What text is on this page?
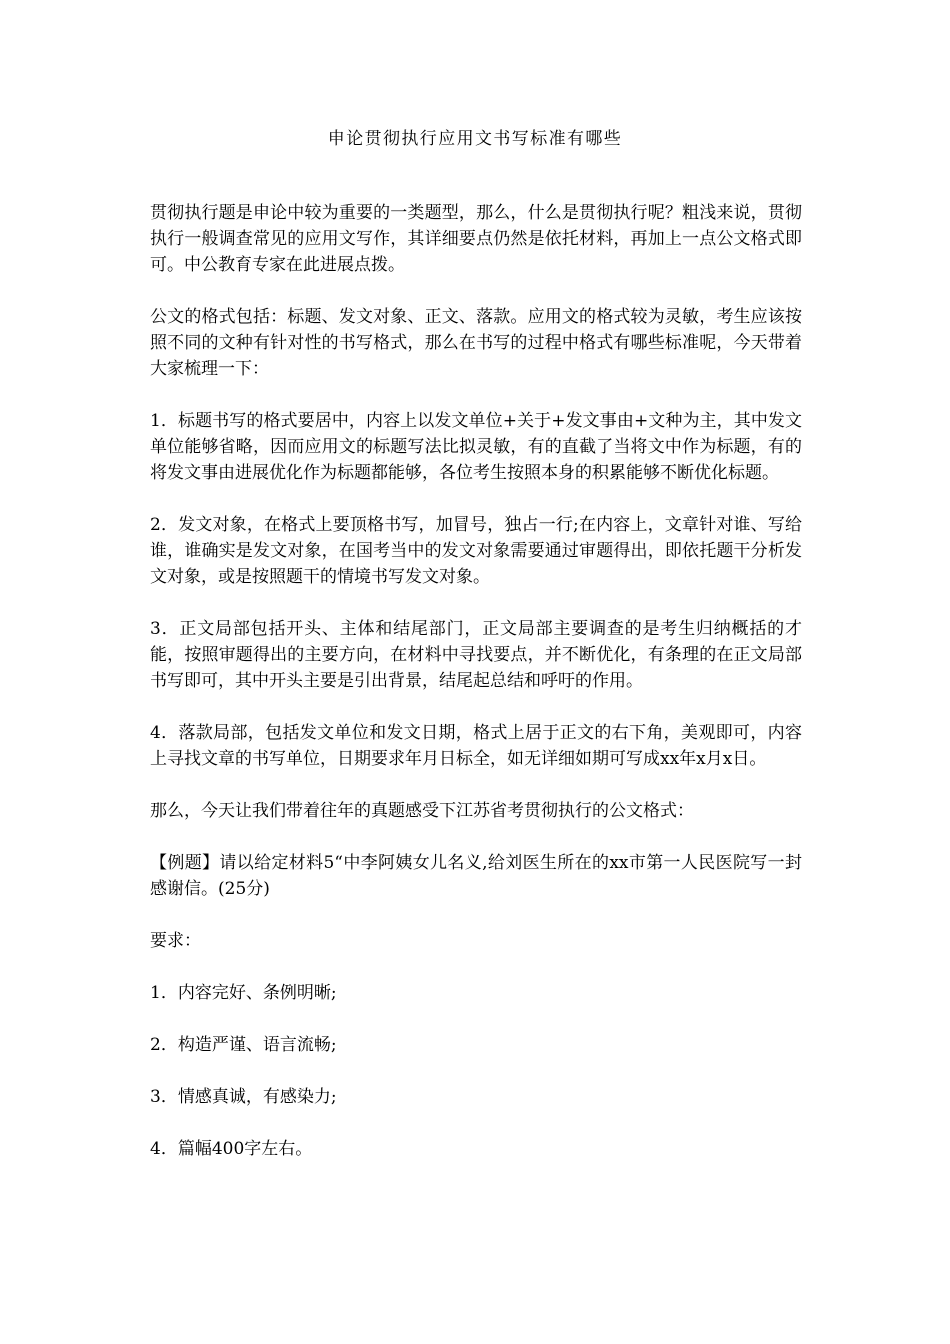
申论贯彻执行应用文书写标准有哪些

贯彻执行题是申论中较为重要的一类题型，那么，什么是贯彻执行呢？粗浅来说，贯彻执行一般调查常见的应用文写作，其详细要点仍然是依托材料，再加上一点公文格式即可。中公教育专家在此进展点拨。

公文的格式包括：标题、发文对象、正文、落款。应用文的格式较为灵敏，考生应该按照不同的文种有针对性的书写格式，那么在书写的过程中格式有哪些标准呢，今天带着大家梳理一下：

1．标题书写的格式要居中，内容上以发文单位+关于+发文事由+文种为主，其中发文单位能够省略，因而应用文的标题写法比拟灵敏，有的直截了当将文中作为标题，有的将发文事由进展优化作为标题都能够，各位考生按照本身的积累能够不断优化标题。

2．发文对象，在格式上要顶格书写，加冒号，独占一行;在内容上，文章针对谁、写给谁，谁确实是发文对象，在国考当中的发文对象需要通过审题得出，即依托题干分析发文对象，或是按照题干的情境书写发文对象。

3．正文局部包括开头、主体和结尾部门，正文局部主要调查的是考生归纳概括的才能，按照审题得出的主要方向，在材料中寻找要点，并不断优化，有条理的在正文局部书写即可，其中开头主要是引出背景，结尾起总结和呼吁的作用。

4．落款局部，包括发文单位和发文日期，格式上居于正文的右下角，美观即可，内容上寻找文章的书写单位，日期要求年月日标全，如无详细如期可写成xx年x月x日。

那么，今天让我们带着往年的真题感受下江苏省考贯彻执行的公文格式：

【例题】请以给定材料5“中李阿姨女儿名义,给刘医生所在的xx市第一人民医院写一封感谢信。(25分)

要求：

1．内容完好、条例明晰;

2．构造严谨、语言流畅;

3．情感真诚，有感染力;

4．篇幅400字左右。
